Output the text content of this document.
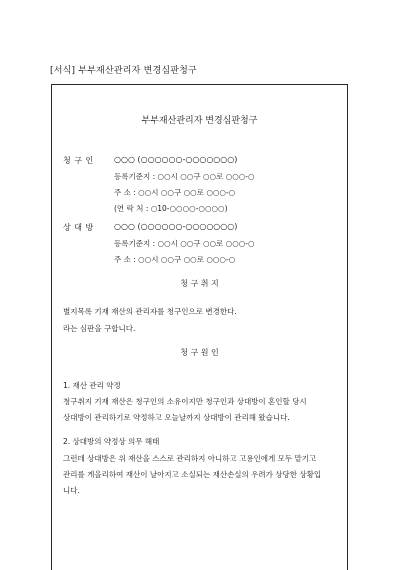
[서식] 부부재산관리자 변경심판청구
부부재산관리자 변경심판청구
청 구 인	○○○ (○○○○○○-○○○○○○○)
등록기준지 : ○○시 ○○구 ○○로 ○○○-○
주 소 : ○○시 ○○구 ○○로 ○○○-○
(연 락 처 : ○10-○○○○-○○○○)
상 대 방	○○○ (○○○○○○-○○○○○○○)
등록기준지 : ○○시 ○○구 ○○로 ○○○-○
주 소 : ○○시 ○○구 ○○로 ○○○-○
청 구 취 지
별지목록 기재 재산의 관리자를 청구인으로 변경한다.
라는 심판을 구합니다.
청 구 원 인
1. 재산 관리 약정
청구취지 기재 재산은 청구인의 소유이지만 청구인과 상대방이 혼인할 당시
상대방이 관리하기로 약정하고 오늘날까지 상대방이 관리해 왔습니다.
2. 상대방의 약정상 의무 해태
그런데 상대방은 위 재산을 스스로 관리하지 아니하고 고용인에게 모두 맡기고
관리를 게을리하여 재산이 날아지고 소실되는 재산손실의 우려가 상당한 상황입
니다.
